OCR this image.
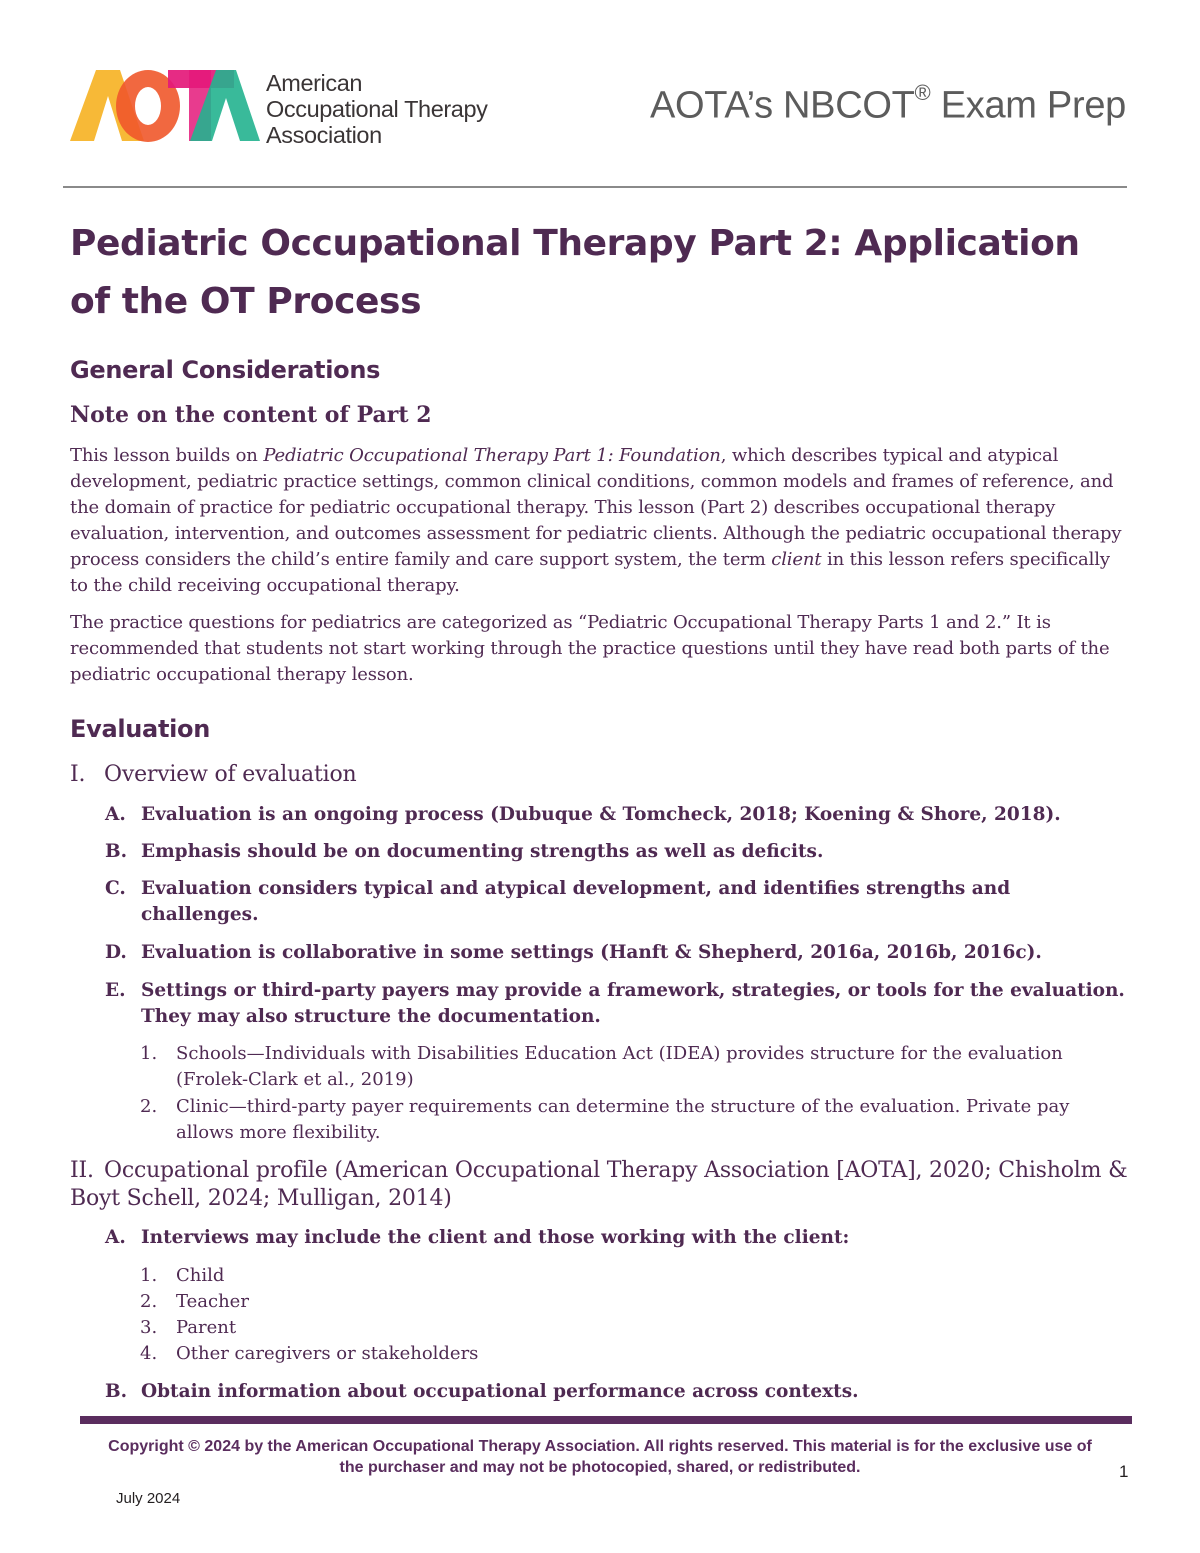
American
Occupational Therapy
Association
AOTA’s NBCOT® Exam Prep
Pediatric Occupational Therapy Part 2: Application of the OT Process
General Considerations
Note on the content of Part 2

This lesson builds on Pediatric Occupational Therapy Part 1: Foundation, which describes typical and atypical development, pediatric practice settings, common clinical conditions, common models and frames of reference, and the domain of practice for pediatric occupational therapy. This lesson (Part 2) describes occupational therapy evaluation, intervention, and outcomes assessment for pediatric clients. Although the pediatric occupational therapy process considers the child’s entire family and care support system, the term client in this lesson refers specifically to the child receiving occupational therapy.

The practice questions for pediatrics are categorized as “Pediatric Occupational Therapy Parts 1 and 2.” It is recommended that students not start working through the practice questions until they have read both parts of the pediatric occupational therapy lesson.

Evaluation

I. Overview of evaluation

A. Evaluation is an ongoing process (Dubuque & Tomcheck, 2018; Koening & Shore, 2018).

B. Emphasis should be on documenting strengths as well as deficits.

C. Evaluation considers typical and atypical development, and identifies strengths and challenges.

D. Evaluation is collaborative in some settings (Hanft & Shepherd, 2016a, 2016b, 2016c).

E. Settings or third-party payers may provide a framework, strategies, or tools for the evaluation. They may also structure the documentation.

1. Schools—Individuals with Disabilities Education Act (IDEA) provides structure for the evaluation (Frolek-Clark et al., 2019)

2. Clinic—third-party payer requirements can determine the structure of the evaluation. Private pay allows more flexibility.

II. Occupational profile (American Occupational Therapy Association [AOTA], 2020; Chisholm & Boyt Schell, 2024; Mulligan, 2014)

A. Interviews may include the client and those working with the client:

1. Child

2. Teacher

3. Parent

4. Other caregivers or stakeholders

B. Obtain information about occupational performance across contexts.

Copyright © 2024 by the American Occupational Therapy Association. All rights reserved. This material is for the exclusive use of the purchaser and may not be photocopied, shared, or redistributed.	1
July 2024
